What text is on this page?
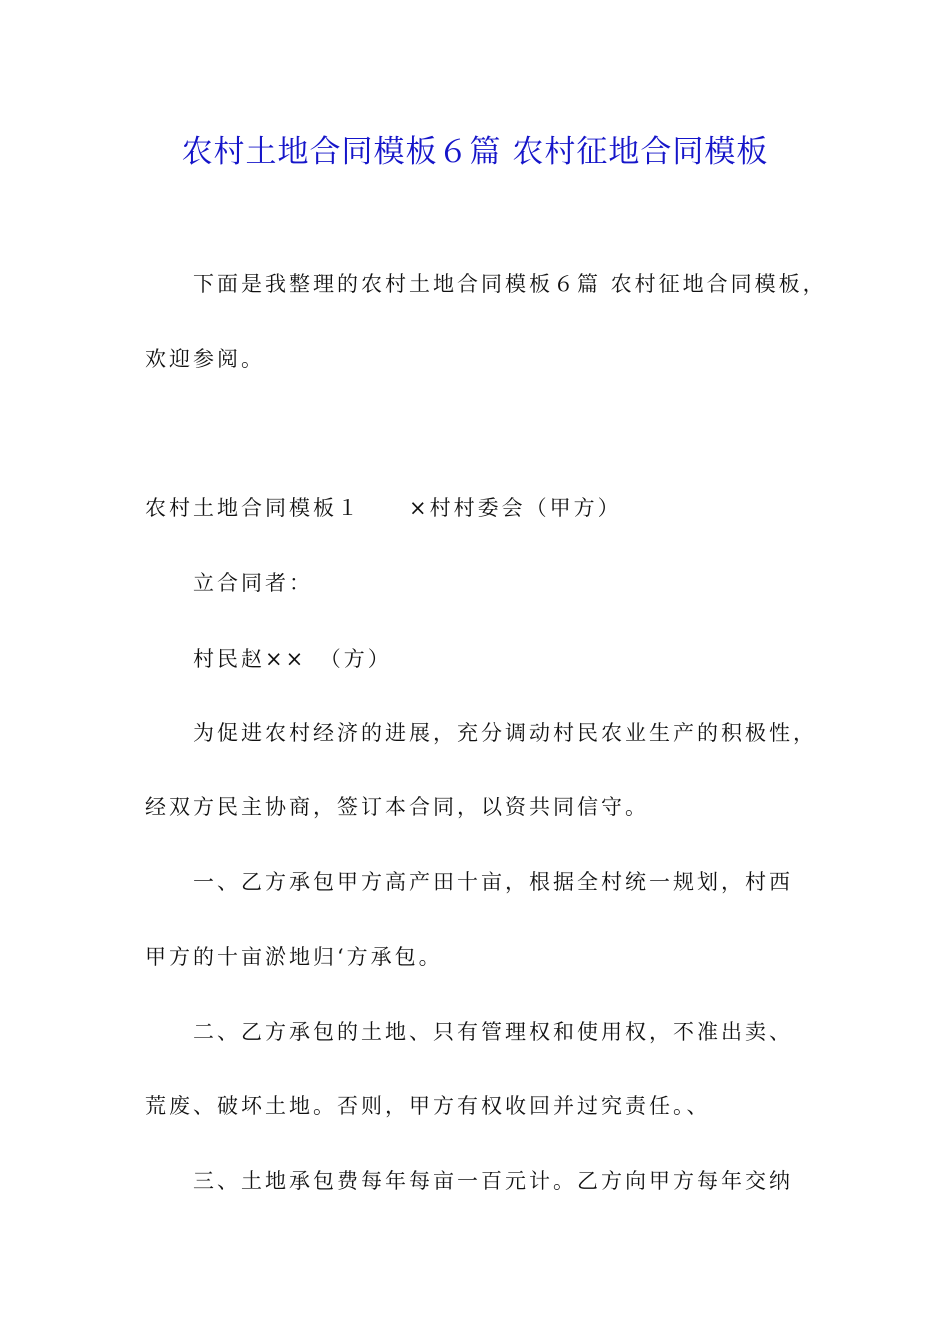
农村土地合同模板６篇 农村征地合同模板
下面是我整理的农村土地合同模板６篇 农村征地合同模板，
欢迎参阅。
农村土地合同模板１　　×村村委会（甲方）
立合同者：
村民赵××　（方）
为促进农村经济的进展，充分调动村民农业生产的积极性，
经双方民主协商，签订本合同，以资共同信守。
一、乙方承包甲方高产田十亩，根据全村统一规划，村西
甲方的十亩淤地归‘方承包。
二、乙方承包的土地、只有管理权和使用权，不准出卖、
荒废、破坏土地。否则，甲方有权收回并过究责任。、
三、土地承包费每年每亩一百元计。乙方向甲方每年交纳
